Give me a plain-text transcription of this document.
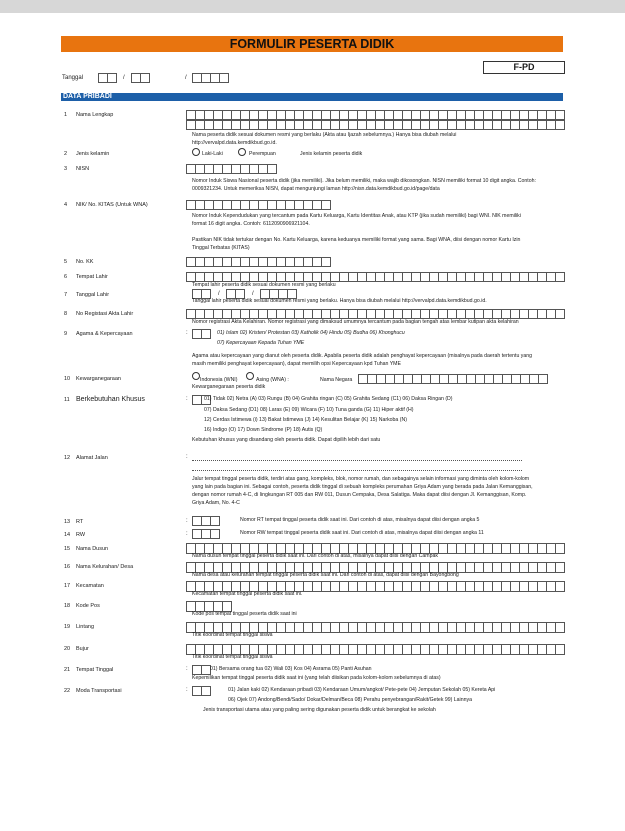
FORMULIR PESERTA DIDIK
F-PD
Tanggal	/	/
DATA PRIBADI
1 Nama Lengkap
Nama peserta didik sesuai dokumen resmi yang berlaku (Akta atau Ijazah sebelumnya.) Hanya bisa diubah melalui http://vervalpd.data.kemdikbud.go.id.
2 Jenis kelamin	Laki-Laki	Perempuan	Jenis kelamin peserta didik
3 NISN
Nomor Induk Siswa Nasional peserta didik (jika memiliki). Jika belum memiliki, maka wajib dikosongkan. NISN memiliki format 10 digit angka. Contoh: 0009321234. Untuk memeriksa NISN, dapat mengunjungi laman http://nisn.data.kemdikbud.go.id/page/data
4 NIK/ No. KITAS (Untuk WNA)
Nomor Induk Kependudukan yang tercantum pada Kartu Keluarga, Kartu Identitas Anak, atau KTP (jika sudah memiliki) bagi WNI. NIK memiliki format 16 digit angka. Contoh: 6112090906921104.
Pastikan NIK tidak tertukar dengan No. Kartu Keluarga, karena keduanya memiliki format yang sama. Bagi WNA, diisi dengan nomor Kartu Izin Tinggal Terbatas (KITAS)
5 No. KK
6 Tempat Lahir
Tempat lahir peserta didik sesuai dokumen resmi yang berlaku
7 Tanggal Lahir	/	/
Tanggal lahir peserta didik sesuai dokumen resmi yang berlaku. Hanya bisa diubah melalui http://vervalpd.data.kemdikbud.go.id.
8 No Registasi Akta Lahir
Nomor registrasi Akta Kelahiran. Nomor registrasi yang dimaksud umumnya tercantum pada bagian tengah atas lembar kutipan akta kelahiran
9 Agama & Kepercayaan	:	01) Islam 02) Kristen/ Protestan 03) Katholik 04) Hindu 05) Budha 06) Khonghucu
07) Kepercayaan Kepada Tuhan YME
Agama atau kepercayaan yang dianut oleh peserta didik. Apabila peserta didik adalah penghayat kepercayaan (misalnya pada daerah tertentu yang masih memiliki penghayat kepercayaan), dapat memilih opsi Kepercayaan kpd Tuhan YME
10 Kewarganegaraan	Indonesia (WNI)	Asing (WNA) :	Nama Negara
Kewarganegaraan peserta didik
11 Berkebutuhan Khusus	:	01) Tidak 02) Netra (A) 03) Rungu (B) 04) Grahita ringan (C) 05) Grahita Sedang (C1) 06) Daksa Ringan (D)
07) Daksa Sedang (D1) 08) Laras (E) 09) Wicara (F) 10) Tuna ganda (G) 11) Hiper aktif (H)
12) Cerdas Istimewa (i) 13) Bakat Istimewa (J) 14) Kesulitan Belajar (K) 15) Narkoba (N)
16) Indigo (O) 17) Down Sindrome (P) 18) Autis (Q)
Kebutuhan khusus yang disandang oleh peserta didik. Dapat dipilih lebih dari satu
12 Alamat Jalan	:
Jalur tempat tinggal peserta didik, terdiri atas gang, kompleks, blok, nomor rumah, dan sebagainya selain informasi yang diminta oleh kolom-kolom yang lain pada bagian ini. Sebagai contoh, peserta didik tinggal di sebuah kompleks perumahan Griya Adam yang berada pada Jalan Kemanggisan, dengan nomor rumah 4-C, di lingkungan RT 005 dan RW 011, Dusun Cempaka, Desa Salatiga. Maka dapat diisi dengan Jl. Kemanggisan, Komp. Griya Adam, No. 4-C
13 RT	:	Nomor RT tempat tinggal peserta didik saat ini. Dari contoh di atas, misalnya dapat diisi dengan angka 5
14 RW	:	Nomor RW tempat tinggal peserta didik saat ini. Dari contoh di atas, misalnya dapat diisi dengan angka 11
15 Nama Dusun
Nama dusun tempat tinggal peserta didik saat ini. Dari contoh di atas, misalnya dapat diisi dengan Campak
16 Nama Kelurahan/ Desa
Nama desa atau kelurahan tempat tinggal peserta didik saat ini. Dari contoh di atas, dapat diisi dengan Bayongbong
17 Kecamatan
Kecamatan tempat tinggal peserta didik saat ini.
18 Kode Pos
Kode pos tempat tinggal peserta didik saat ini
19 Lintang
Titik koordinat tempat tinggal siswa
20 Bujur
Titik koordinat tempat tinggal siswa
21 Tempat Tinggal	:	01) Bersama orang tua 02) Wali 03) Kos 04) Asrama 05) Panti Asuhan
Kepemilikan tempat tinggal peserta didik saat ini (yang telah diisikan pada kolom-kolom sebelumnya di atas)
22 Moda Transportasi	:	01) Jalan kaki 02) Kendaraan pribadi 03) Kendaraan Umum/angkot/ Pete-pete 04) Jemputan Sekolah 05) Kereta Api
06) Ojek 07) Andong/Bendi/Sado/ Dokar/Delman/Beca 08) Perahu penyebrangan/Rakit/Getek 99) Lainnya
Jenis transportasi utama atau yang paling sering digunakan peserta didik untuk berangkat ke sekolah
